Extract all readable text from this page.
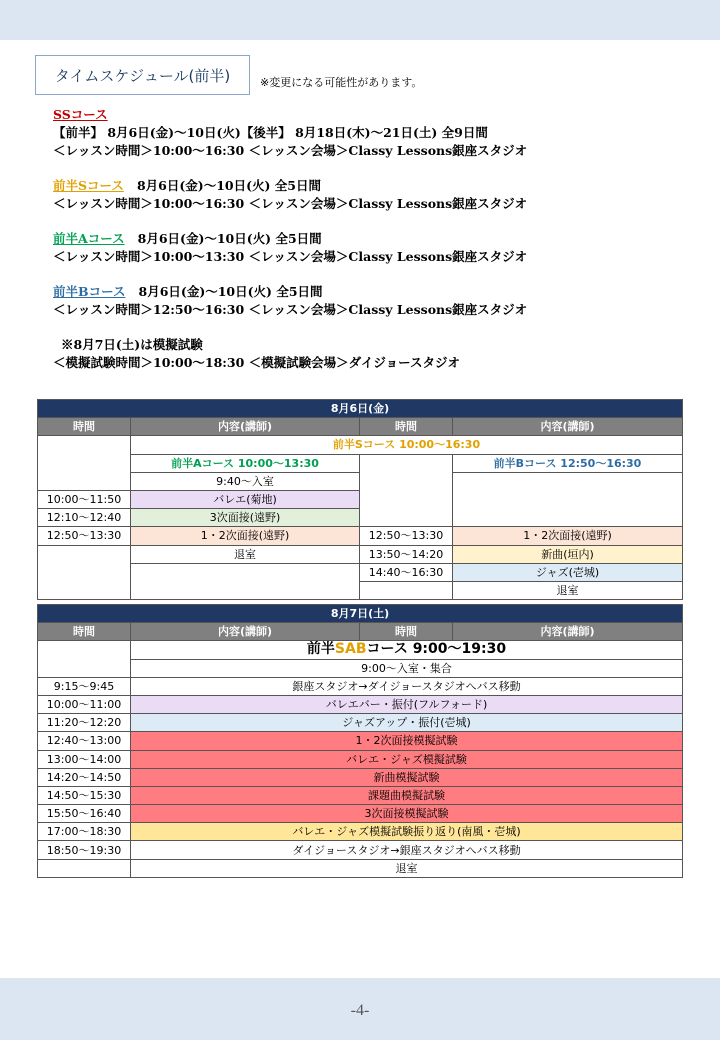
タイムスケジュール(前半)	※変更になる可能性があります。
SSコース
【前半】 8月6日(金)～10日(火)【後半】 8月18日(木)～21日(土) 全9日間
＜レッスン時間＞10:00～16:30 ＜レッスン会場＞Classy Lessons銀座スタジオ
前半Sコース 8月6日(金)～10日(火) 全5日間
＜レッスン時間＞10:00～16:30 ＜レッスン会場＞Classy Lessons銀座スタジオ
前半Aコース 8月6日(金)～10日(火) 全5日間
＜レッスン時間＞10:00～13:30 ＜レッスン会場＞Classy Lessons銀座スタジオ
前半Bコース 8月6日(金)～10日(火) 全5日間
＜レッスン時間＞12:50～16:30 ＜レッスン会場＞Classy Lessons銀座スタジオ
※8月7日(土)は模擬試験
＜模擬試験時間＞10:00～18:30 ＜模擬試験会場＞ダイジョースタジオ
8月6日(金)				
時間	内容(講師)	時間	内容(講師)	
	前半Sコース 10:00～16:30			
	前半Aコース 10:00～13:30		前半Bコース 12:50～16:30	
	9:40～入室			
10:00～11:50	バレエ(菊地)			
12:10～12:40	3次面接(遠野)	
12:50～13:30	1・2次面接(遠野)	12:50～13:30	1・2次面接(遠野)	
	退室	13:50～14:20	新曲(垣内)	
		14:40～16:30	ジャズ(壱城)	
			退室	
8月7日(土)			
時間	内容(講師)	時間	内容(講師)
	前半SABコース 9:00～19:30		
	9:00～入室・集合		
9:15～9:45	銀座スタジオ→ダイジョースタジオへバス移動		
10:00～11:00	バレエバー・振付(フルフォード)		
11:20～12:20	ジャズアップ・振付(壱城)		
12:40～13:00	1・2次面接模擬試験		
13:00～14:00	バレエ・ジャズ模擬試験		
14:20～14:50	新曲模擬試験		
14:50～15:30	課題曲模擬試験		
15:50～16:40	3次面接模擬試験		
17:00～18:30	バレエ・ジャズ模擬試験振り返り(南風・壱城)		
18:50～19:30	ダイジョースタジオ→銀座スタジオへバス移動		
	退室		
-4-
